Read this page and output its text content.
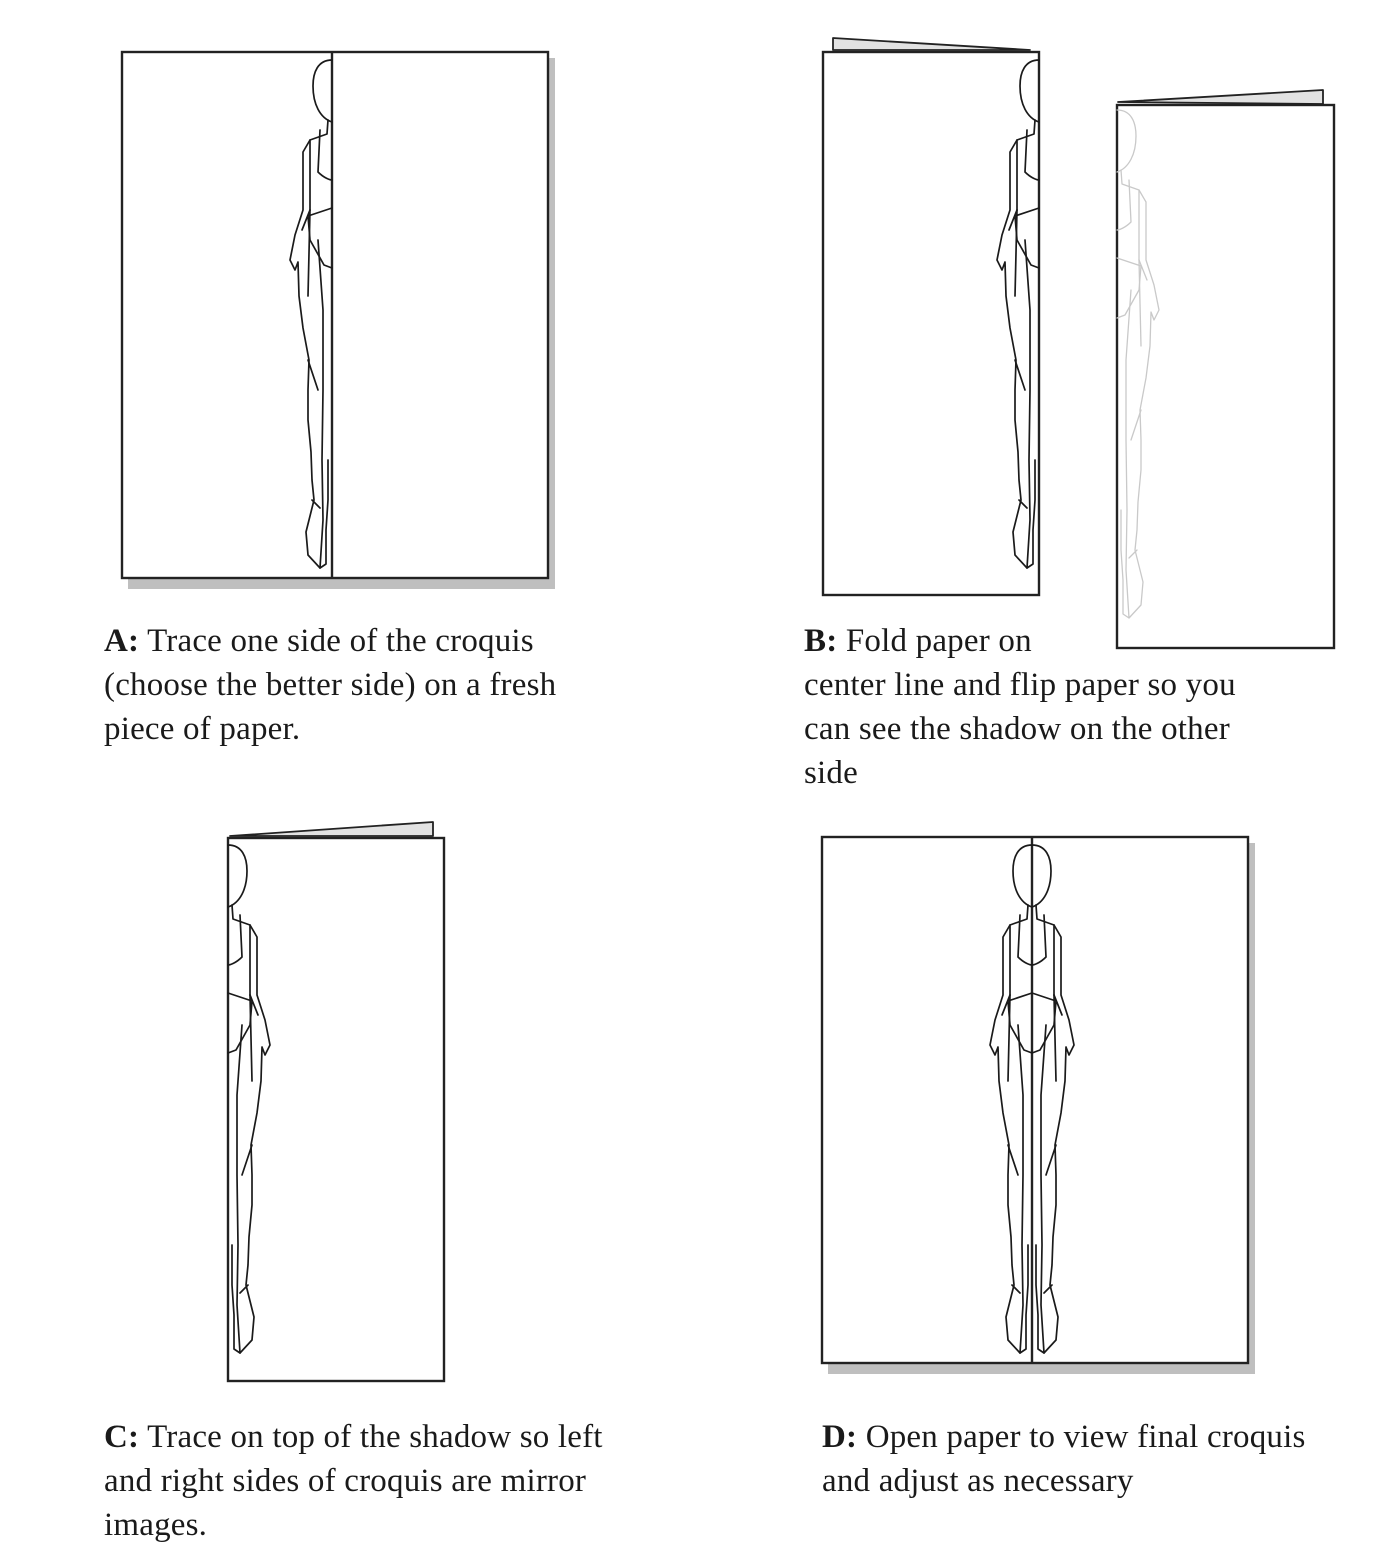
A: Trace one side of the croquis (choose the better side) on a fresh piece of paper.
B: Fold paper on
center line and flip paper so you can see the shadow on the other side
C: Trace on top of the shadow so left and right sides of croquis are mirror images.
D: Open paper to view final croquis and adjust as necessary
